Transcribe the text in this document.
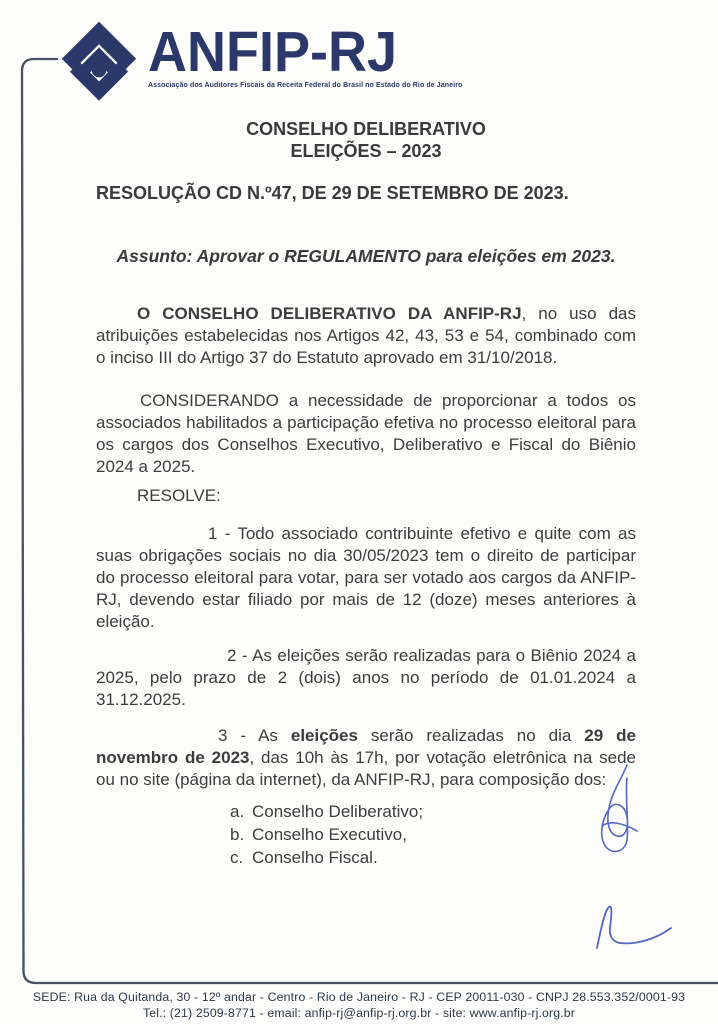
ANFIP-RJ
Associação dos Auditores Fiscais da Receita Federal do Brasil no Estado do Rio de Janeiro
CONSELHO DELIBERATIVO
ELEIÇÕES – 2023
RESOLUÇÃO CD N.º47, DE 29 DE SETEMBRO DE 2023.
Assunto: Aprovar o REGULAMENTO para eleições em 2023.

O CONSELHO DELIBERATIVO DA ANFIP-RJ, no uso das atribuições estabelecidas nos Artigos 42, 43, 53 e 54, combinado com o inciso III do Artigo 37 do Estatuto aprovado em 31/10/2018.

CONSIDERANDO a necessidade de proporcionar a todos os associados habilitados a participação efetiva no processo eleitoral para os cargos dos Conselhos Executivo, Deliberativo e Fiscal do Biênio 2024 a 2025.

RESOLVE:

1 - Todo associado contribuinte efetivo e quite com as suas obrigações sociais no dia 30/05/2023 tem o direito de participar do processo eleitoral para votar, para ser votado aos cargos da ANFIP-RJ, devendo estar filiado por mais de 12 (doze) meses anteriores à eleição.

2 - As eleições serão realizadas para o Biênio 2024 a 2025, pelo prazo de 2 (dois) anos no período de 01.01.2024 a 31.12.2025.

3 - As eleições serão realizadas no dia 29 de novembro de 2023, das 10h às 17h, por votação eletrônica na sede ou no site (página da internet), da ANFIP-RJ, para composição dos:

a. Conselho Deliberativo;
b. Conselho Executivo,
c. Conselho Fiscal.
SEDE: Rua da Quitanda, 30 - 12º andar - Centro - Rio de Janeiro - RJ - CEP 20011-030 - CNPJ 28.553.352/0001-93
Tel.: (21) 2509-8771 - email: anfip-rj@anfip-rj.org.br - site: www.anfip-rj.org.br
